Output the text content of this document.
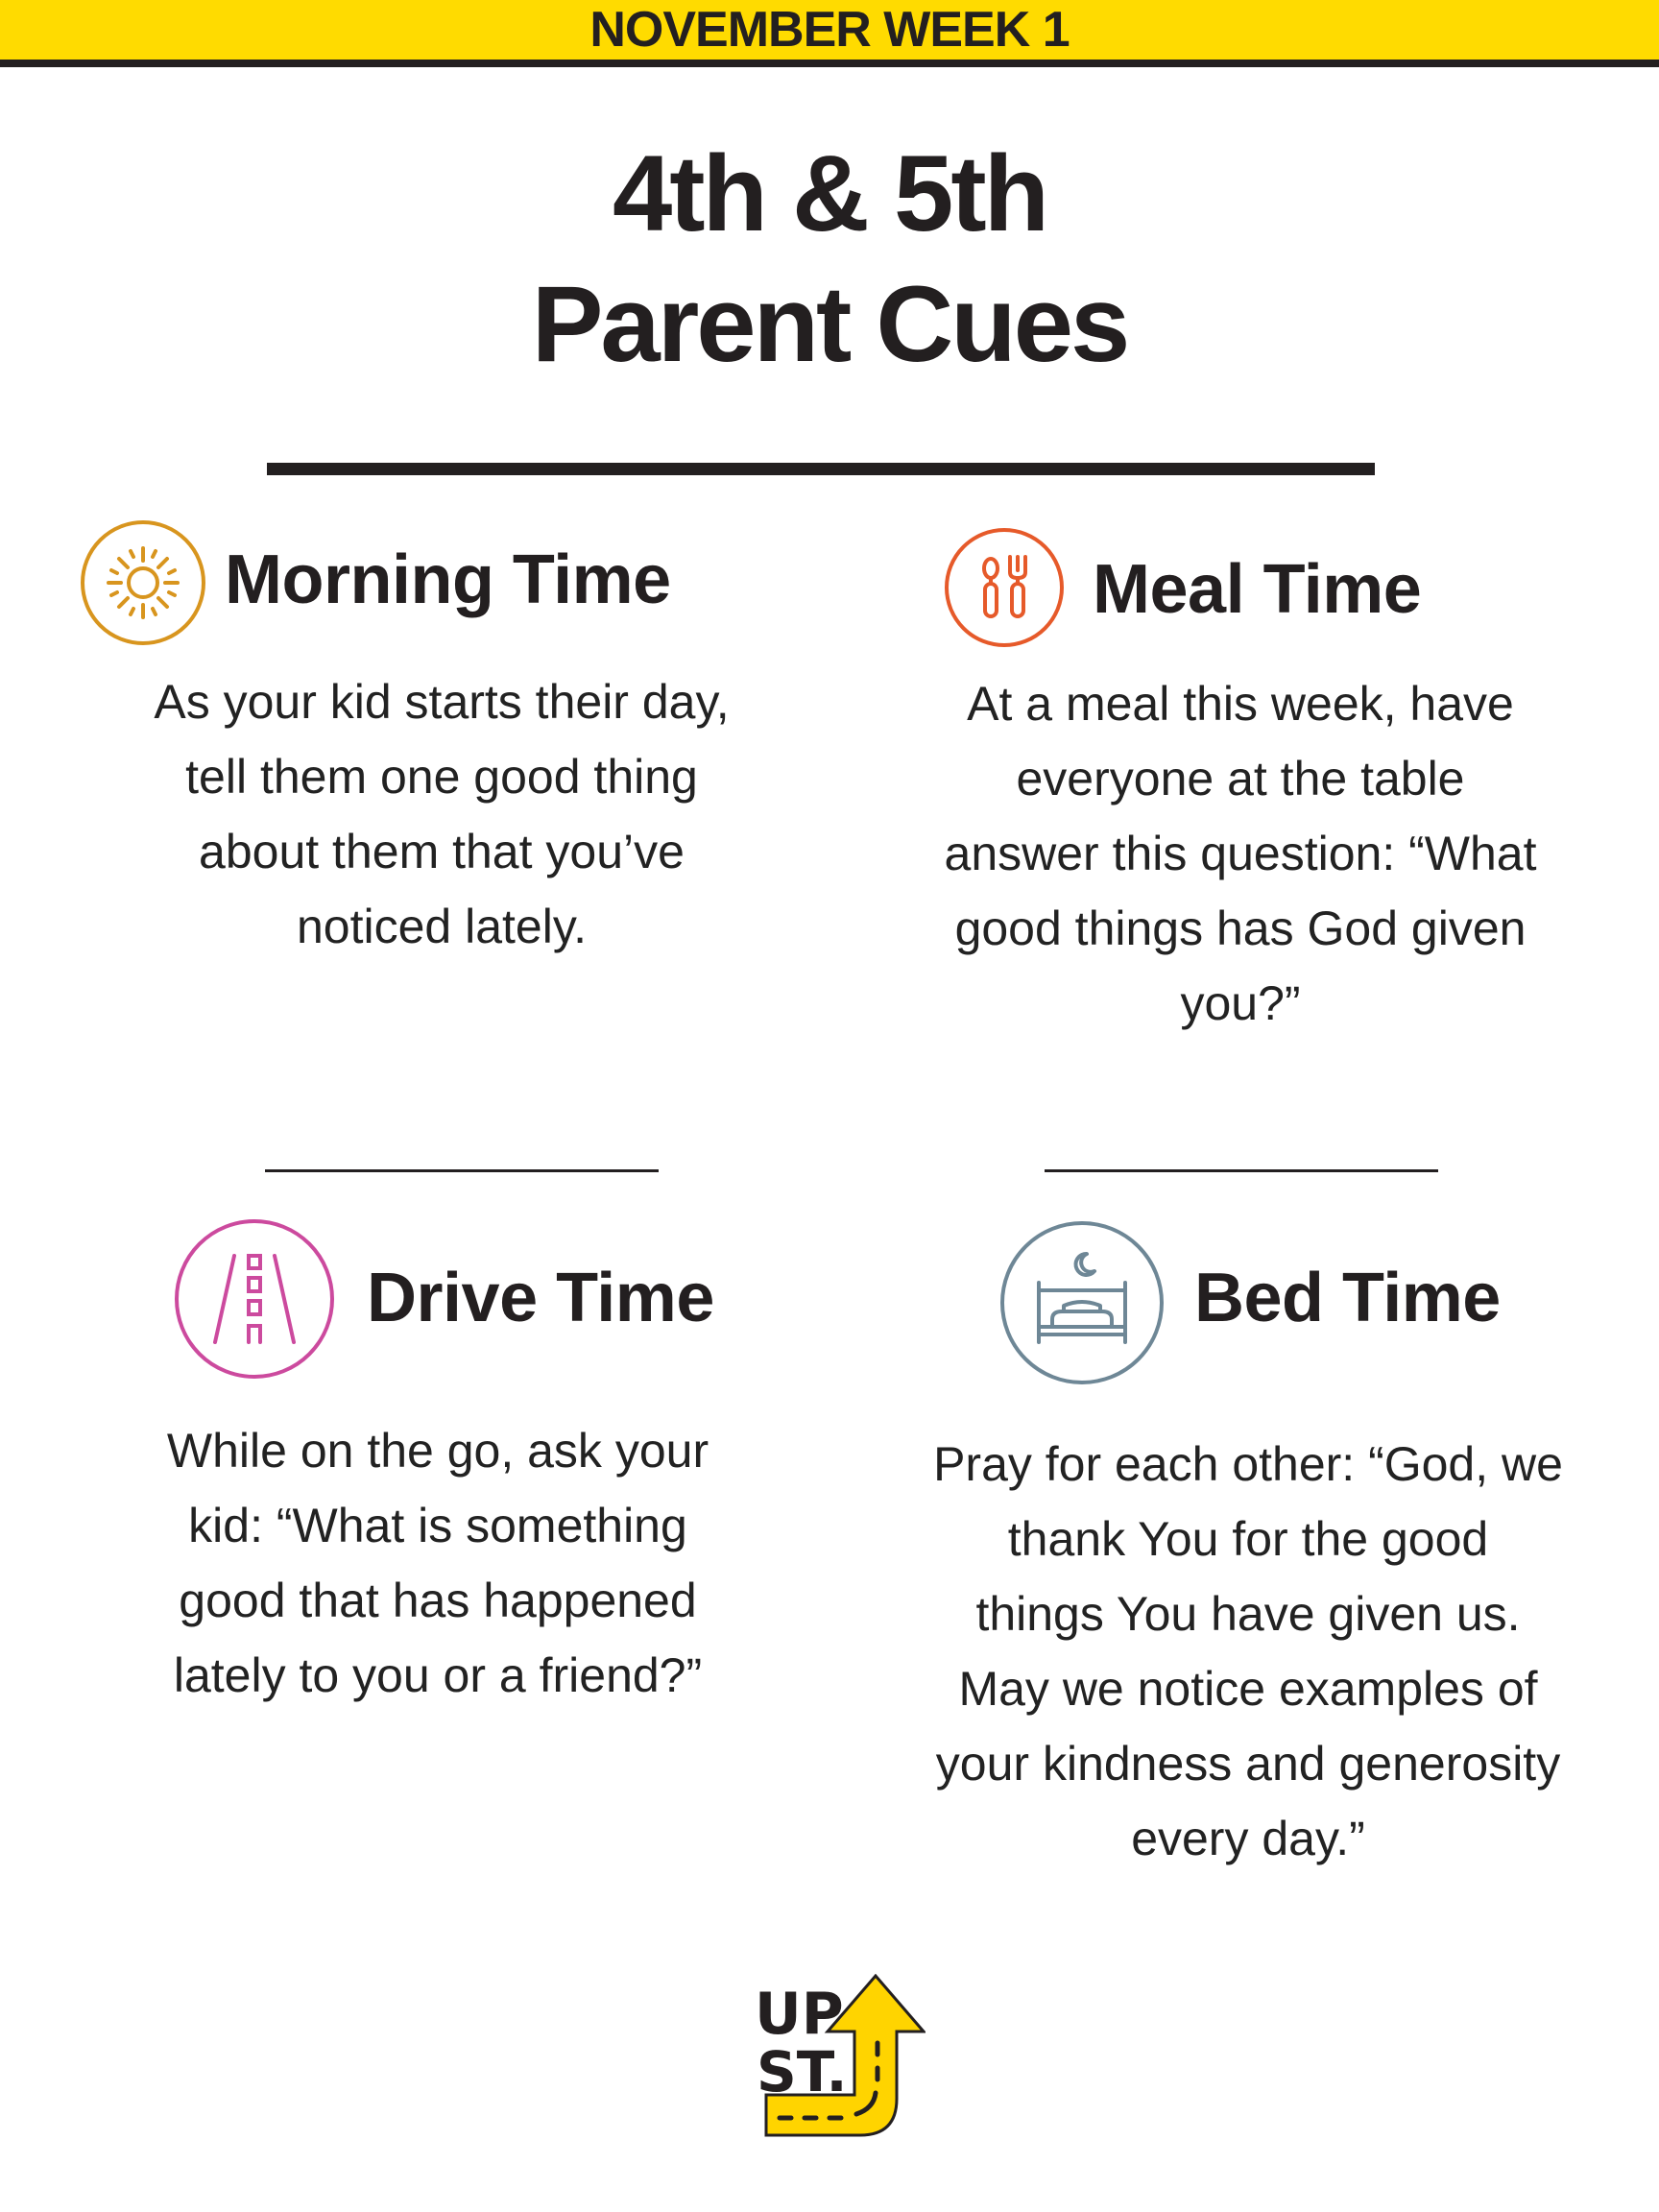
NOVEMBER WEEK 1
4th & 5th
Parent Cues
Morning Time
As your kid starts their day,
tell them one good thing
about them that you’ve
noticed lately.
Meal Time
At a meal this week, have
everyone at the table
answer this question: “What
good things has God given
you?”
Drive Time
While on the go, ask your
kid: “What is something
good that has happened
lately to you or a friend?”
Bed Time
Pray for each other: “God, we
thank You for the good
things You have given us.
May we notice examples of
your kindness and generosity
every day.”
UP
ST.
